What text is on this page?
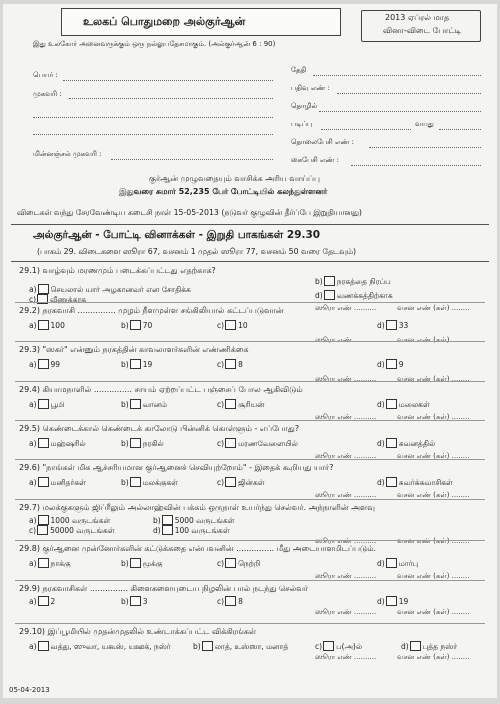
உலகப் பொதுமறை அல்குர்ஆன்	2013 ஏப்ரல் மாத
வினா-விடை போட்டி
இது உலகோர் அனைவருக்கும் ஒரு நல்லுபதேசமாகும். (அல்குர்ஆன் 6 : 90)
பெயர் :
முகவரி :
மின்னஞ்சல் முகவரி :
தேதி
பதிவு எண் :
தொழில்
படிப்பு	வயது
தொலைபேசி எண் :
கைபேசி எண் :
குர்ஆன் முழுவதையும் வாசிக்க அரிய வாய்ப்பு
இதுவரை சுமார் 52,235 பேர் போட்டியில் கலந்துள்ளனர்
விடைகள் வந்து சேரவேண்டிய கடைசி நாள் 15-05-2013 (நடுவர் குழுவின் தீர்ப்பே இறுதியானது)
அல்குர்ஆன் - போட்டி வினாக்கள் - இறுதி பாகங்கள் 29.30
(பாகம் 29. விடைகளை ஸூரா 67, வசனம் 1 முதல் ஸூரா 77, வசனம் 50 வரை தேடவும்)
29.1) வாழ்வும் மரணமும் படைக்கப்பட்டது எதற்காக?
a) செயலால் யார் அழகானவர் என சோதிக்க
b) நரகத்தை நிரப்ப
c) வீணுக்காக	d) வணக்கத்திற்காக
ஸூரா எண் ..........	வசன எண் (கள்) ........
29.2) நரகவாசி ............... முழம் நீளமுள்ள சங்கிலியால் கட்டப்படுவான்
a) 100	b) 70	c) 10	d) 33
ஸூரா எண் ..........	வசன எண் (கள்) ........
29.3) "ஸகர்" என்னும் நரகத்தின் காவலாளர்களின் எண்ணிக்கை
a) 99	b) 19	c) 8	d) 9
ஸூரா எண் ..........	வசன எண் (கள்) ........
29.4) கியாமநாளில் ............... சாயம் ஏற்றப்பட்ட பஞ்சைப் போல ஆகிவிடும்
a) பூமி	b) வானம்	c) சூரியன்	d) மலைகள்
ஸூரா எண் ..........	வசன எண் (கள்) ........
29.5) கெண்டைக்கால் கெண்டைக் காலோடு பின்னிக் கொள்ளும் - எப்போது?
a) மஹ்ஷரில்	b) நரகில்	c) மரணவேளையில்	d) சுவனத்தில்
ஸூரா எண் ..........	வசன எண் (கள்) ........
29.6) "நாங்கள் மிக ஆச்சரியமான குர்ஆனைச் செவியுற்றோம்" - இதைக் கூறியது யார்?
a) மனிதர்கள்	b) மலக்குகள்	c) ஜின்கள்	d) சுவர்க்கவாசிகள்
ஸூரா எண் ..........	வசன எண் (கள்) ........
29.7) மலக்குகளும் ஜிப்ரீலும் அல்லாஹ்வின் பக்கம் ஒருநாள் உயர்ந்து செல்வர். அந்நாளின் அளவு
a) 1000 வருடங்கள்	b) 5000 வருடங்கள்
c) 50000 வருடங்கள்	d) 100 வருடங்கள்
ஸூரா எண் ..........	வசன எண் (கள்) ........
29.8) குர்ஆனை முன்னோர்களின் கட்டுக்கதை என்பவனின் ............... மீது அடையாளமிடப்படும்.
a) நாக்கு	b) மூக்கு	c) நெற்றி	d) மார்பு
ஸூரா எண் ..........	வசன எண் (கள்) ........
29.9) நரகவாசிகள் ............... கிளைகளையுடைய நிழலின் பால் நடந்து செல்வர்
a) 2	b) 3	c) 8	d) 19
ஸூரா எண் ..........	வசன எண் (கள்) ........
29.10) இப்பூமியில் முதன்முதலில் உண்டாக்கப்பட்ட விக்கிரங்கள்
a) வத்து, ஸுவா, யகூஸ், யஊக், நஸ்ர்	b) லாத், உஸ்ஸா, மனாத்	c) ப(அ)ல்	d) புத்த நஸ்ர்
ஸூரா எண் ..........	வசன எண் (கள்) ........
05-04-2013
